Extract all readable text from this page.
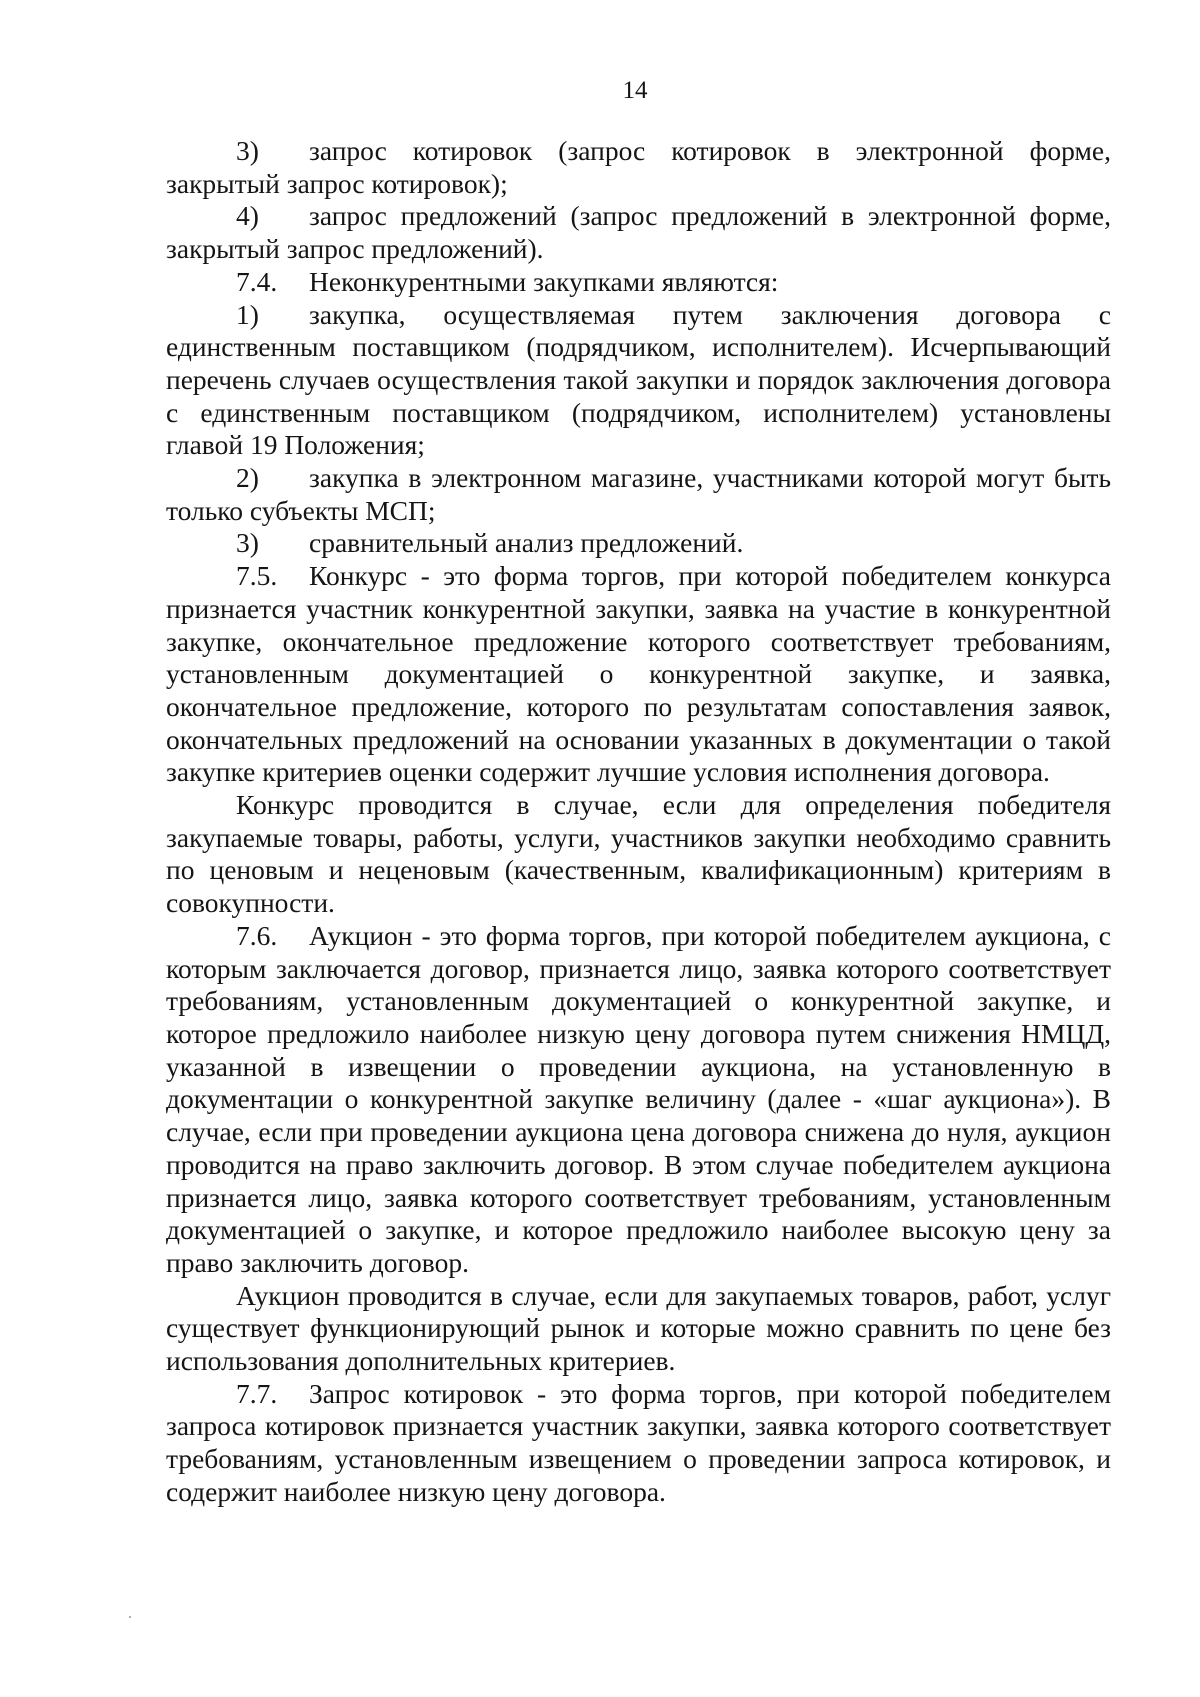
14

3) запрос котировок (запрос котировок в электронной форме, закрытый запрос котировок);

4) запрос предложений (запрос предложений в электронной форме, закрытый запрос предложений).

7.4. Неконкурентными закупками являются:

1) закупка, осуществляемая путем заключения договора с единственным поставщиком (подрядчиком, исполнителем). Исчерпывающий перечень случаев осуществления такой закупки и порядок заключения договора с единственным поставщиком (подрядчиком, исполнителем) установлены главой 19 Положения;

2) закупка в электронном магазине, участниками которой могут быть только субъекты МСП;

3) сравнительный анализ предложений.

7.5. Конкурс - это форма торгов, при которой победителем конкурса признается участник конкурентной закупки, заявка на участие в конкурентной закупке, окончательное предложение которого соответствует требованиям, установленным документацией о конкурентной закупке, и заявка, окончательное предложение, которого по результатам сопоставления заявок, окончательных предложений на основании указанных в документации о такой закупке критериев оценки содержит лучшие условия исполнения договора.

Конкурс проводится в случае, если для определения победителя закупаемые товары, работы, услуги, участников закупки необходимо сравнить по ценовым и неценовым (качественным, квалификационным) критериям в совокупности.

7.6. Аукцион - это форма торгов, при которой победителем аукциона, с которым заключается договор, признается лицо, заявка которого соответствует требованиям, установленным документацией о конкурентной закупке, и которое предложило наиболее низкую цену договора путем снижения НМЦД, указанной в извещении о проведении аукциона, на установленную в документации о конкурентной закупке величину (далее - «шаг аукциона»). В случае, если при проведении аукциона цена договора снижена до нуля, аукцион проводится на право заключить договор. В этом случае победителем аукциона признается лицо, заявка которого соответствует требованиям, установленным документацией о закупке, и которое предложило наиболее высокую цену за право заключить договор.

Аукцион проводится в случае, если для закупаемых товаров, работ, услуг существует функционирующий рынок и которые можно сравнить по цене без использования дополнительных критериев.

7.7. Запрос котировок - это форма торгов, при которой победителем запроса котировок признается участник закупки, заявка которого соответствует требованиям, установленным извещением о проведении запроса котировок, и содержит наиболее низкую цену договора.
